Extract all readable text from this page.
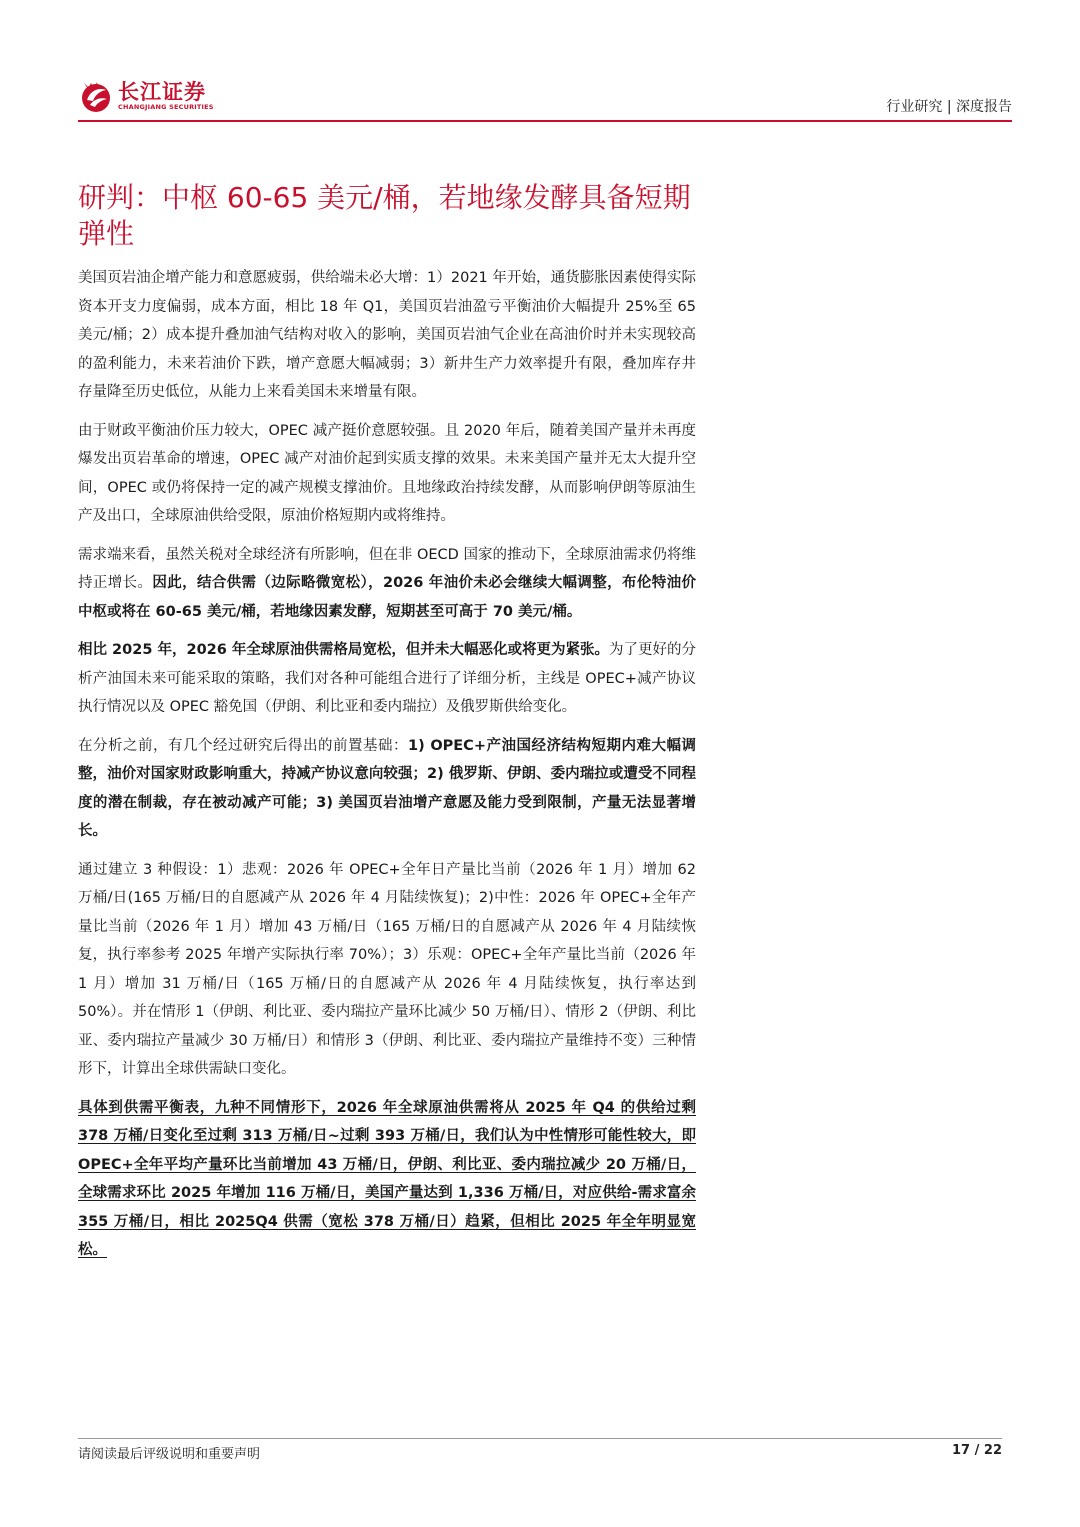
长江证券
CHANGJIANG SECURITIES	行业研究 | 深度报告
研判：中枢 60-65 美元/桶，若地缘发酵具备短期弹性

美国页岩油企增产能力和意愿疲弱，供给端未必大增：1）2021 年开始，通货膨胀因素使得实际资本开支力度偏弱，成本方面，相比 18 年 Q1，美国页岩油盈亏平衡油价大幅提升 25%至 65 美元/桶；2）成本提升叠加油气结构对收入的影响，美国页岩油气企业在高油价时并未实现较高的盈利能力，未来若油价下跌，增产意愿大幅减弱；3）新井生产力效率提升有限，叠加库存井存量降至历史低位，从能力上来看美国未来增量有限。

由于财政平衡油价压力较大，OPEC 减产挺价意愿较强。且 2020 年后，随着美国产量并未再度爆发出页岩革命的增速，OPEC 减产对油价起到实质支撑的效果。未来美国产量并无太大提升空间，OPEC 或仍将保持一定的减产规模支撑油价。且地缘政治持续发酵，从而影响伊朗等原油生产及出口，全球原油供给受限，原油价格短期内或将维持。

需求端来看，虽然关税对全球经济有所影响，但在非 OECD 国家的推动下，全球原油需求仍将维持正增长。因此，结合供需（边际略微宽松），2026 年油价未必会继续大幅调整，布伦特油价中枢或将在 60-65 美元/桶，若地缘因素发酵，短期甚至可高于 70 美元/桶。

相比 2025 年，2026 年全球原油供需格局宽松，但并未大幅恶化或将更为紧张。为了更好的分析产油国未来可能采取的策略，我们对各种可能组合进行了详细分析，主线是 OPEC+减产协议执行情况以及 OPEC 豁免国（伊朗、利比亚和委内瑞拉）及俄罗斯供给变化。

在分析之前，有几个经过研究后得出的前置基础：1) OPEC+产油国经济结构短期内难大幅调整，油价对国家财政影响重大，持减产协议意向较强；2) 俄罗斯、伊朗、委内瑞拉或遭受不同程度的潜在制裁，存在被动减产可能；3) 美国页岩油增产意愿及能力受到限制，产量无法显著增长。

通过建立 3 种假设：1）悲观：2026 年 OPEC+全年日产量比当前（2026 年 1 月）增加 62 万桶/日(165 万桶/日的自愿减产从 2026 年 4 月陆续恢复)；2)中性：2026 年 OPEC+全年产量比当前（2026 年 1 月）增加 43 万桶/日（165 万桶/日的自愿减产从 2026 年 4 月陆续恢复，执行率参考 2025 年增产实际执行率 70%）；3）乐观：OPEC+全年产量比当前（2026 年 1 月）增加 31 万桶/日（165 万桶/日的自愿减产从 2026 年 4 月陆续恢复，执行率达到 50%）。并在情形 1（伊朗、利比亚、委内瑞拉产量环比减少 50 万桶/日）、情形 2（伊朗、利比亚、委内瑞拉产量减少 30 万桶/日）和情形 3（伊朗、利比亚、委内瑞拉产量维持不变）三种情形下，计算出全球供需缺口变化。

具体到供需平衡表，九种不同情形下，2026 年全球原油供需将从 2025 年 Q4 的供给过剩 378 万桶/日变化至过剩 313 万桶/日~过剩 393 万桶/日，我们认为中性情形可能性较大，即 OPEC+全年平均产量环比当前增加 43 万桶/日，伊朗、利比亚、委内瑞拉减少 20 万桶/日，全球需求环比 2025 年增加 116 万桶/日，美国产量达到 1,336 万桶/日，对应供给-需求富余 355 万桶/日，相比 2025Q4 供需（宽松 378 万桶/日）趋紧，但相比 2025 年全年明显宽松。

请阅读最后评级说明和重要声明	17 / 22
